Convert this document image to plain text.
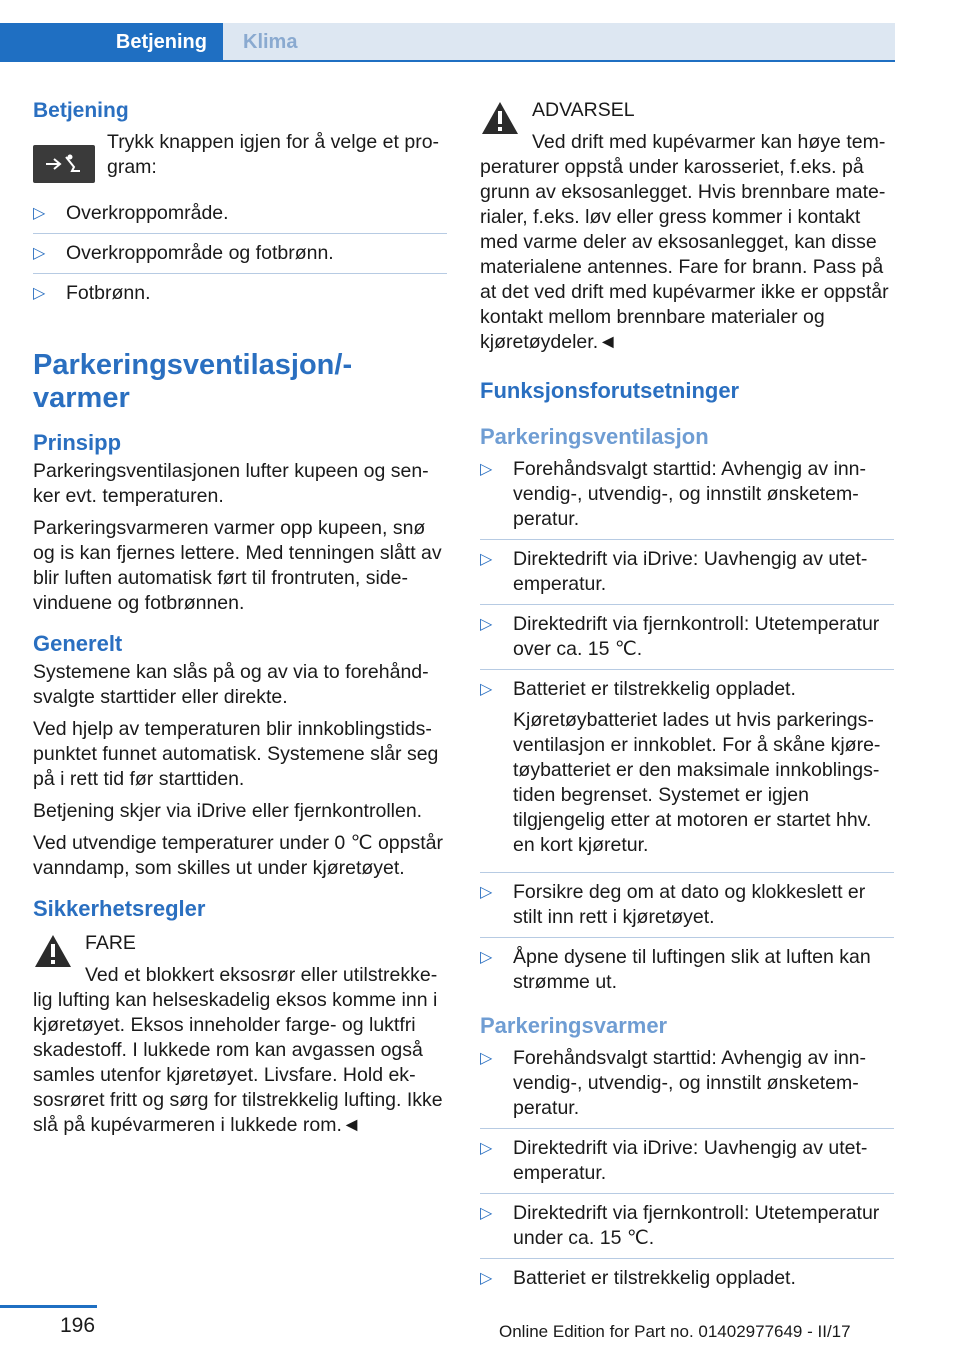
Betjening	Klima
Betjening

Trykk knappen igjen for å velge et program:

▷ Overkroppområde.
▷ Overkroppområde og fotbrønn.
▷ Fotbrønn.
Parkeringsventilasjon/-varmer
Prinsipp

Parkeringsventilasjonen lufter kupeen og senker evt. temperaturen.

Parkeringsvarmeren varmer opp kupeen, snø og is kan fjernes lettere. Med tenningen slått av blir luften automatisk ført til frontruten, sidevinduene og fotbrønnen.

Generelt

Systemene kan slås på og av via to forehåndsvalgte starttider eller direkte.

Ved hjelp av temperaturen blir innkoblingstidspunktet funnet automatisk. Systemene slår seg på i rett tid før starttiden.

Betjening skjer via iDrive eller fjernkontrollen.

Ved utvendige temperaturer under 0 ℃ oppstår vanndamp, som skilles ut under kjøretøyet.

Sikkerhetsregler

FARE

Ved et blokkert eksosrør eller utilstrekkelig lufting kan helseskadelig eksos komme inn i kjøretøyet. Eksos inneholder farge- og luktfri skadestoff. I lukkede rom kan avgassen også samles utenfor kjøretøyet. Livsfare. Hold eksosrøret fritt og sørg for tilstrekkelig lufting. Ikke slå på kupévarmeren i lukkede rom.◄

ADVARSEL

Ved drift med kupévarmer kan høye temperaturer oppstå under karosseriet, f.eks. på grunn av eksosanlegget. Hvis brennbare materialer, f.eks. løv eller gress kommer i kontakt med varme deler av eksosanlegget, kan disse materialene antennes. Fare for brann. Pass på at det ved drift med kupévarmer ikke er oppstår kontakt mellom brennbare materialer og kjøretøydeler.◄

Funksjonsforutsetninger
Parkeringsventilasjon
▷ Forehåndsvalgt starttid: Avhengig av innvendig-, utvendig-, og innstilt ønsketemperatur.
▷ Direktedrift via iDrive: Uavhengig av utetemperatur.
▷ Direktedrift via fjernkontroll: Utetemperatur over ca. 15 ℃.
▷ Batteriet er tilstrekkelig oppladet.

Kjøretøybatteriet lades ut hvis parkeringsventilasjon er innkoblet. For å skåne kjøretøybatteriet er den maksimale innkoblingstiden begrenset. Systemet er igjen tilgjengelig etter at motoren er startet hhv. en kort kjøretur.

▷ Forsikre deg om at dato og klokkeslett er stilt inn rett i kjøretøyet.
▷ Åpne dysene til luftingen slik at luften kan strømme ut.
Parkeringsvarmer
▷ Forehåndsvalgt starttid: Avhengig av innvendig-, utvendig-, og innstilt ønsketemperatur.
▷ Direktedrift via iDrive: Uavhengig av utetemperatur.
▷ Direktedrift via fjernkontroll: Utetemperatur under ca. 15 ℃.
▷ Batteriet er tilstrekkelig oppladet.
196	Online Edition for Part no. 01402977649 - II/17
